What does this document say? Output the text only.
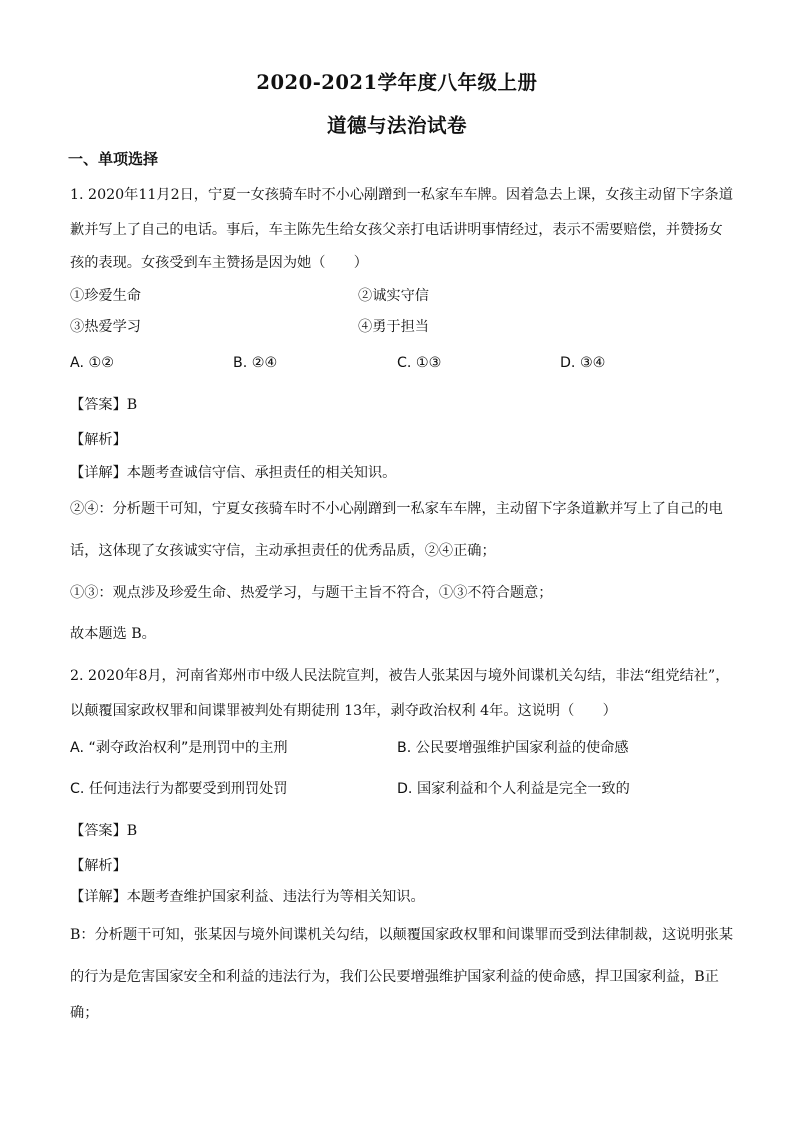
2020-2021学年度八年级上册
道德与法治试卷
一、单项选择
1. 2020年11月2日，宁夏一女孩骑车时不小心剐蹭到一私家车车牌。因着急去上课，女孩主动留下字条道
歉并写上了自己的电话。事后，车主陈先生给女孩父亲打电话讲明事情经过，表示不需要赔偿，并赞扬女
孩的表现。女孩受到车主赞扬是因为她（　　）
①珍爱生命	②诚实守信
③热爱学习	④勇于担当
A. ①②	B. ②④	C. ①③	D. ③④
【答案】B
【解析】
【详解】本题考查诚信守信、承担责任的相关知识。
②④：分析题干可知，宁夏女孩骑车时不小心剐蹭到一私家车车牌，主动留下字条道歉并写上了自己的电
话，这体现了女孩诚实守信，主动承担责任的优秀品质，②④正确；
①③：观点涉及珍爱生命、热爱学习，与题干主旨不符合，①③不符合题意；
故本题选 B。
2. 2020年8月，河南省郑州市中级人民法院宣判，被告人张某因与境外间谍机关勾结，非法“组党结社”，
以颠覆国家政权罪和间谍罪被判处有期徒刑 13年，剥夺政治权利 4年。这说明（　　）
A. “剥夺政治权利”是刑罚中的主刑	B. 公民要增强维护国家利益的使命感
C. 任何违法行为都要受到刑罚处罚	D. 国家利益和个人利益是完全一致的
【答案】B
【解析】
【详解】本题考查维护国家利益、违法行为等相关知识。
B：分析题干可知，张某因与境外间谍机关勾结，以颠覆国家政权罪和间谍罪而受到法律制裁，这说明张某
的行为是危害国家安全和利益的违法行为，我们公民要增强维护国家利益的使命感，捍卫国家利益，B正
确；
